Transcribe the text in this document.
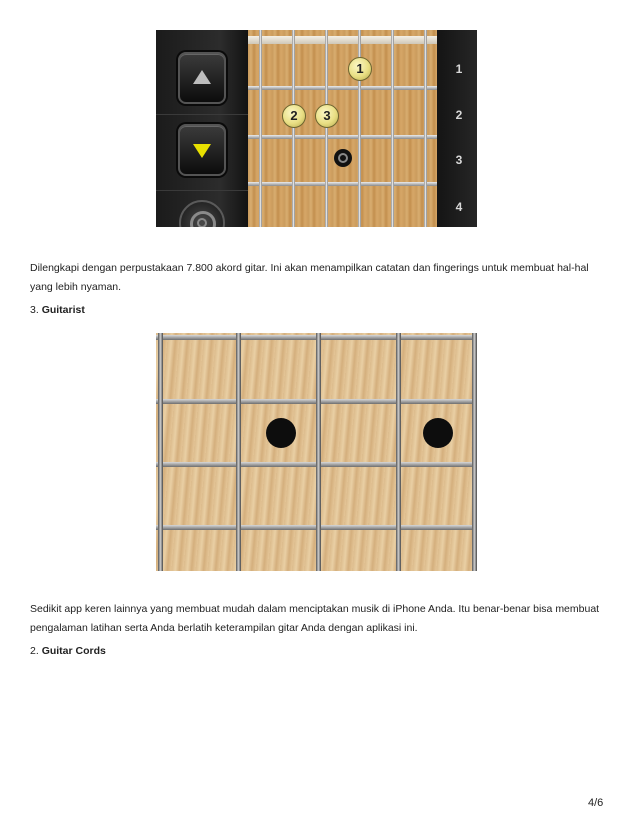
1
2	3
1
2
3
4
Dilengkapi dengan perpustakaan 7.800 akord gitar. Ini akan menampilkan catatan dan fingerings untuk membuat hal-hal yang lebih nyaman.
3. Guitarist
Sedikit app keren lainnya yang membuat mudah dalam menciptakan musik di iPhone Anda. Itu benar-benar bisa membuat pengalaman latihan serta Anda berlatih keterampilan gitar Anda dengan aplikasi ini.
2. Guitar Cords
4/6
